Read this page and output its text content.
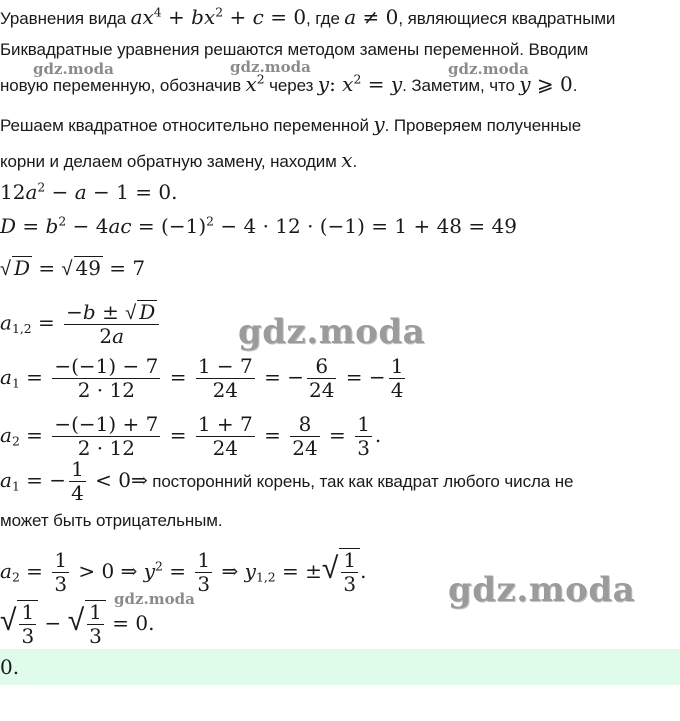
Уравнения вида $ax^4 + bx^2 + c = 0$, где a ≠ 0, являющиеся квадратными
Биквадратные уравнения решаются методом замены переменной. Вводим
новую переменную, обозначив $x^2$ через y: $x^2 = y$. Заметим, что y ⩾ 0.
Решаем квадратное относительно переменной y. Проверяем полученные
корни и делаем обратную замену, находим x.
$12a^2 - a - 1 = 0$.
$D = b^2 - 4ac = (-1)^2 - 4 \cdot 12 \cdot (-1) = 1 + 48 = 49$
√ D = √ 49 = 7
$a_{1,2} = \frac{-b \pm √ D}{2a}$
$a_1 = \frac{-(-1) - 7}{2 \cdot 12} = \frac{1 - 7}{24}$ = − $\frac{6}{24}$ = − $\frac{1}{4}$
$a_2 = \frac{-(-1) + 7}{2 \cdot 12} = \frac{1 + 7}{24} = \frac{8}{24} = \frac{1}{3}$ .
$a_1$ = − $\frac{1}{4}$ < 0⇒ посторонний корень, так как квадрат любого числа не
может быть отрицательным.
$a_2 = \frac{1}{3} > 0$ ⇒ $y^2 = \frac{1}{3}$ ⇒ $y_{1,2}$ = ±√ $\frac{1}{3}$ .
√ $\frac{1}{3}$ − √ $\frac{1}{3} = 0$.
0.
gdz.moda	gdz.moda	gdz.moda
gdz.moda
gdz.moda
gdz.moda
